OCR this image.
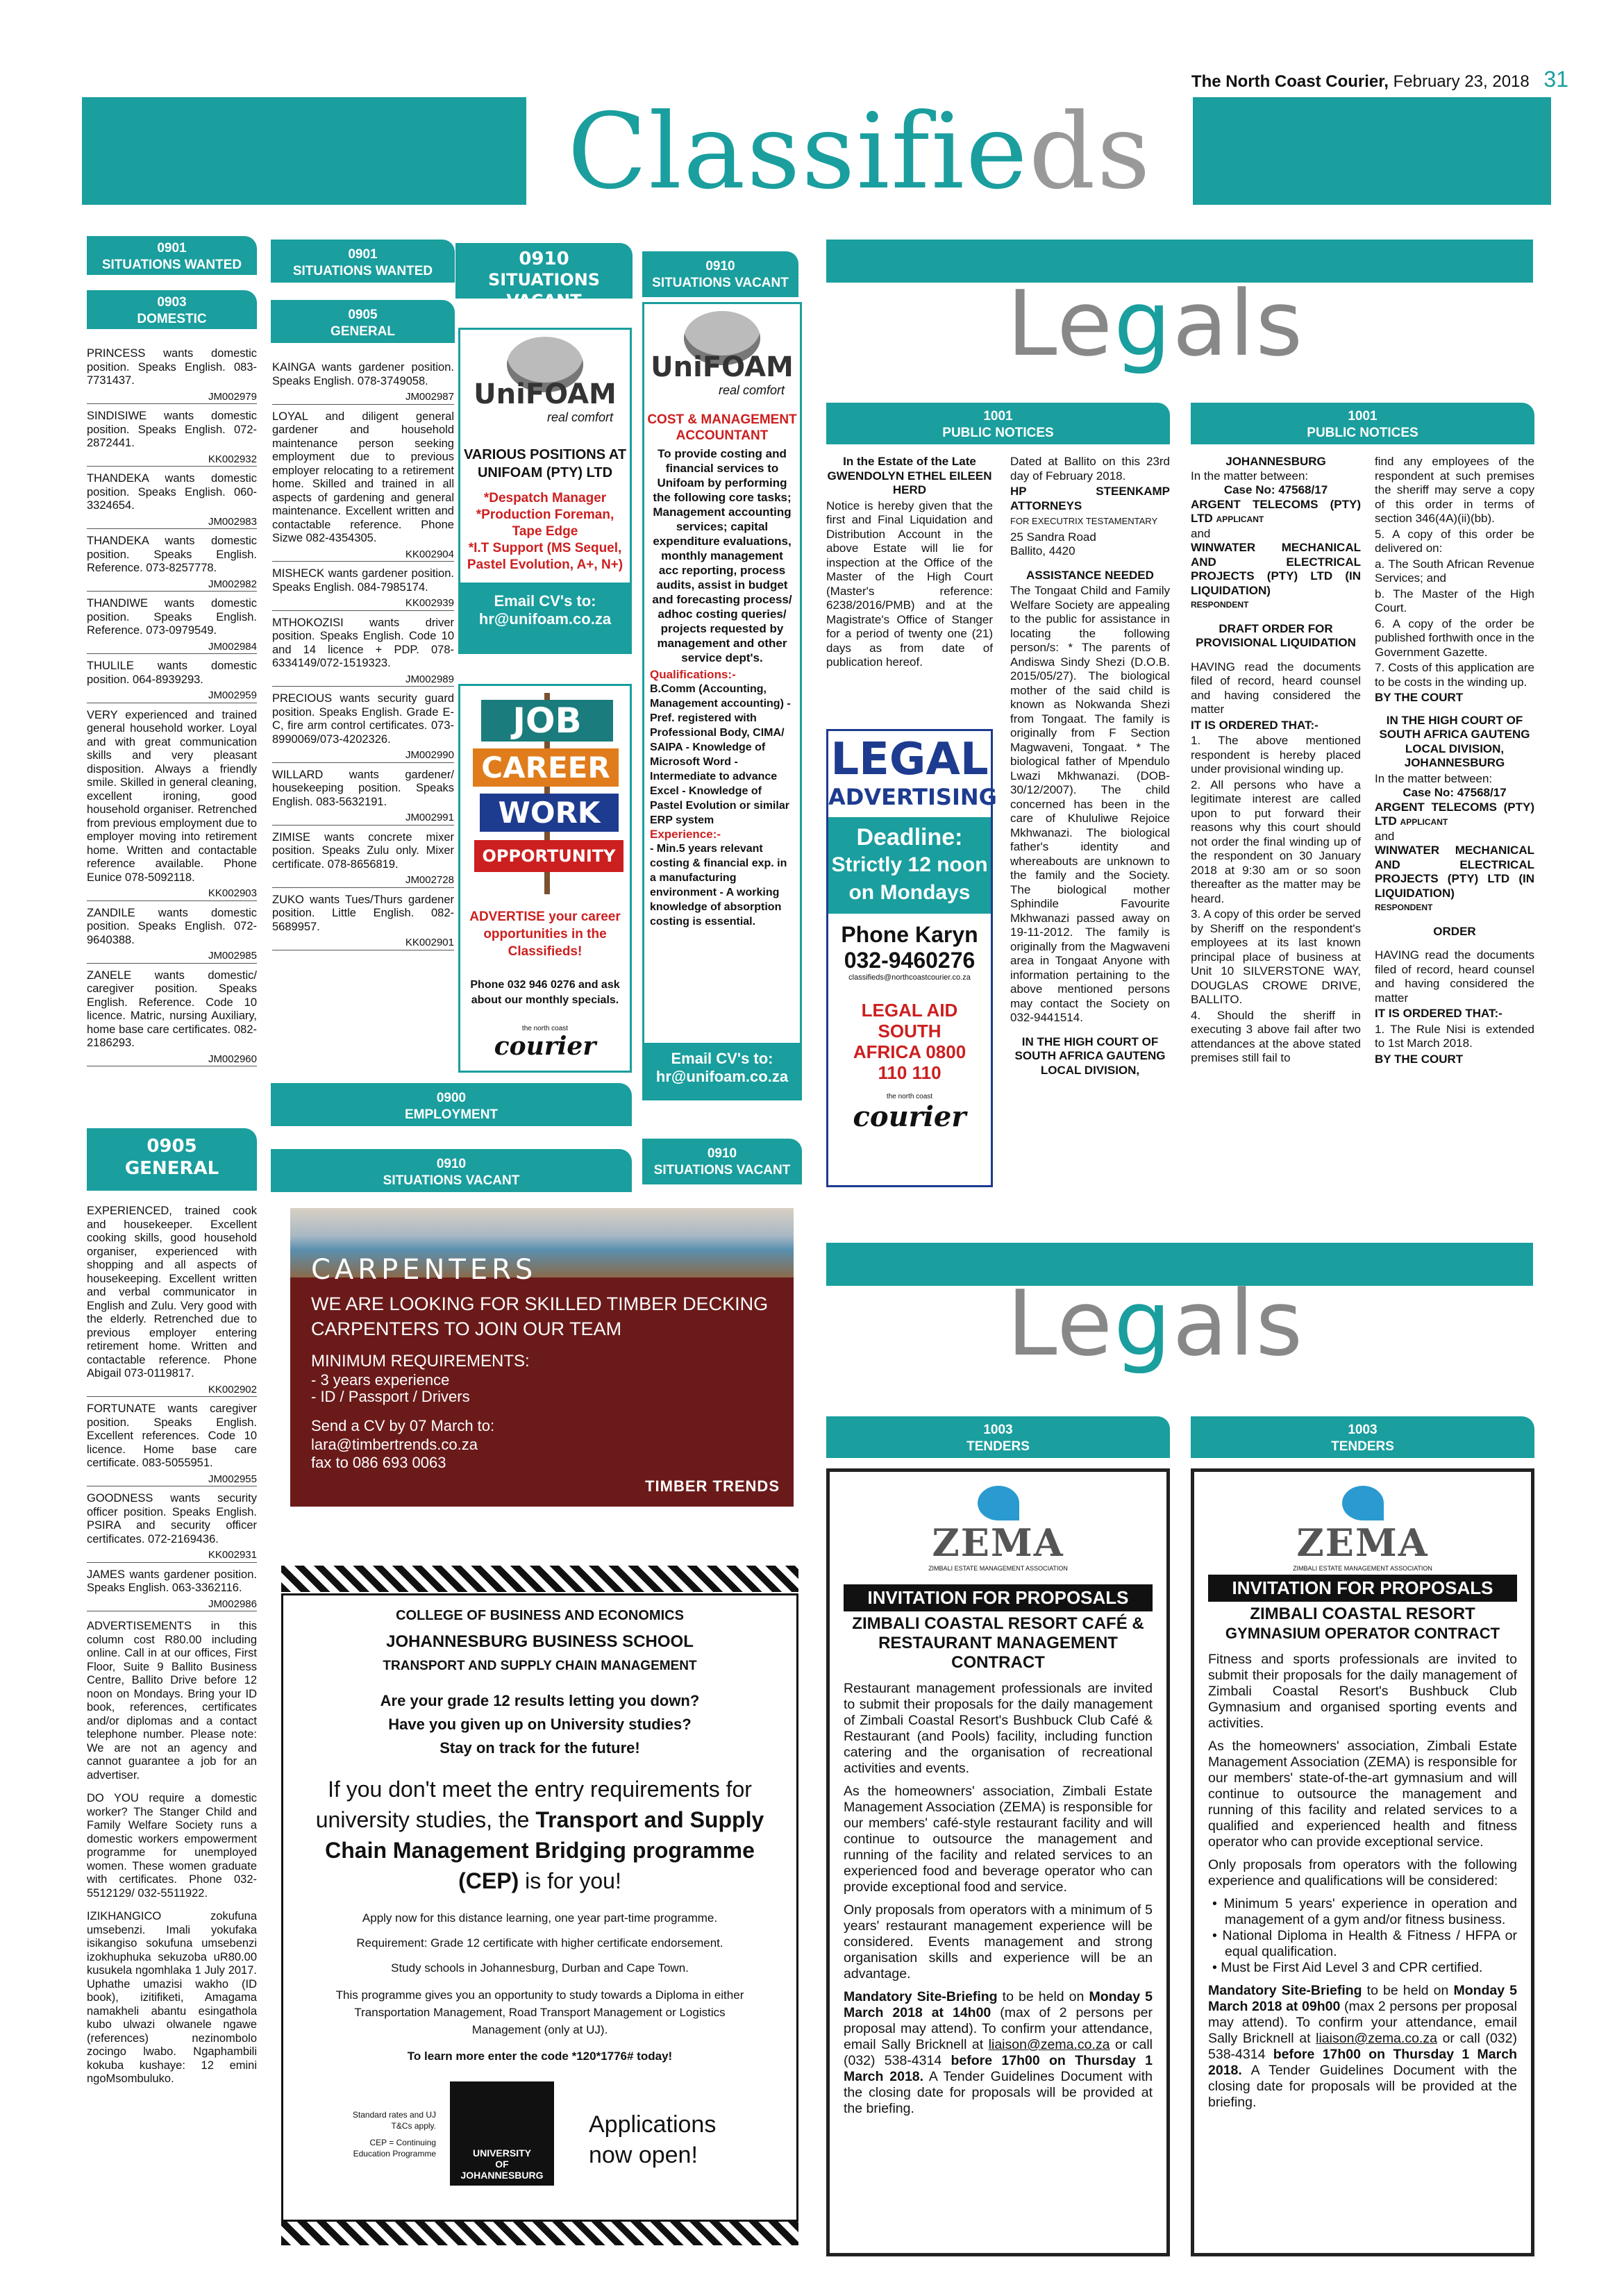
The North Coast Courier, February 23, 2018 31
Classifieds
0901
SITUATIONS WANTED
0903
DOMESTIC

PRINCESS wants domestic position. Speaks English. 083-7731437.

JM002979

SINDISIWE wants domestic position. Speaks English. 072-2872441.

KK002932

THANDEKA wants domestic position. Speaks English. 060-3324654.

JM002983

THANDEKA wants domestic position. Speaks English. Reference. 073-8257778.

JM002982

THANDIWE wants domestic position. Speaks English. Reference. 073-0979549.

JM002984

THULILE wants domestic position. 064-8939293.

JM002959

VERY experienced and trained general household worker. Loyal and with great communication skills and very pleasant disposition. Always a friendly smile. Skilled in general cleaning, excellent ironing, good household organiser. Retrenched from previous employment due to employer moving into retirement home. Written and contactable reference available. Phone Eunice 078-5092118.

KK002903

ZANDILE wants domestic position. Speaks English. 072-9640388.

JM002985

ZANELE wants domestic/ caregiver position. Speaks English. Reference. Code 10 licence. Matric, nursing Auxiliary, home base care certificates. 082-2186293.

JM002960
0905
GENERAL

EXPERIENCED, trained cook and housekeeper. Excellent cooking skills, good household organiser, experienced with shopping and all aspects of housekeeping. Excellent written and verbal communicator in English and Zulu. Very good with the elderly. Retrenched due to previous employer entering retirement home. Written and contactable reference. Phone Abigail 073-0119817.

KK002902

FORTUNATE wants caregiver position. Speaks English. Excellent references. Code 10 licence. Home base care certificate. 083-5055951.

JM002955

GOODNESS wants security officer position. Speaks English. PSIRA and security officer certificates. 072-2169436.

KK002931

JAMES wants gardener position. Speaks English. 063-3362116.

JM002986

ADVERTISEMENTS in this column cost R80.00 including online. Call in at our offices, First Floor, Suite 9 Ballito Business Centre, Ballito Drive before 12 noon on Mondays. Bring your ID book, references, certificates and/or diplomas and a contact telephone number. Please note: We are not an agency and cannot guarantee a job for an advertiser.

DO YOU require a domestic worker? The Stanger Child and Family Welfare Society runs a domestic workers empowerment programme for unemployed women. These women graduate with certificates. Phone 032-5512129/ 032-5511922.

IZIKHANGICO zokufuna umsebenzi. Imali yokufaka isikangiso sokufuna umsebenzi izokhuphuka sekuzoba uR80.00 kusukela ngomhlaka 1 July 2017. Uphathe umazisi wakho (ID book), izitifiketi, Amagama namakheli abantu esingathola kubo ulwazi olwanele ngawe (references) nezinombolo zocingo lwabo. Ngaphambili kokuba kushaye: 12 emini ngoMsombuluko.

0901
SITUATIONS WANTED
0905
GENERAL

KAINGA wants gardener position. Speaks English. 078-3749058.

JM002987

LOYAL and diligent general gardener and household maintenance person seeking employment due to previous employer relocating to a retirement home. Skilled and trained in all aspects of gardening and general maintenance. Excellent written and contactable reference. Phone Sizwe 082-4354305.

KK002904

MISHECK wants gardener position. Speaks English. 084-7985174.

KK002939

MTHOKOZISI wants driver position. Speaks English. Code 10 and 14 licence + PDP. 078-6334149/072-1519323.

JM002989

PRECIOUS wants security guard position. Speaks English. Grade E-C, fire arm control certificates. 073-8990069/073-4202326.

JM002990

WILLARD wants gardener/ housekeeping position. Speaks English. 083-5632191.

JM002991

ZIMISE wants concrete mixer position. Speaks Zulu only. Mixer certificate. 078-8656819.

JM002728

ZUKO wants Tues/Thurs gardener position. Little English. 082-5689957.

KK002901
0910
SITUATIONS VACANT
UniFOAM
real comfort
VARIOUS POSITIONS AT UNIFOAM (PTY) LTD
*Despatch Manager
*Production Foreman, Tape Edge
*I.T Support (MS Sequel, Pastel Evolution, A+, N+)
Email CV's to: hr@unifoam.co.za
JOB
CAREER
WORK
OPPORTUNITY
ADVERTISE your career opportunities in the Classifieds!
Phone 032 946 0276 and ask about our monthly specials.
the north coast
courier
0910
SITUATIONS VACANT
UniFOAM
real comfort
COST & MANAGEMENT ACCOUNTANT
To provide costing and financial services to Unifoam by performing the following core tasks; Management accounting services; capital expenditure evaluations, monthly management acc reporting, process audits, assist in budget and forecasting process/ adhoc costing queries/ projects requested by management and other service dept's.
Qualifications:-
B.Comm (Accounting, Management accounting) - Pref. registered with Professional Body, CIMA/ SAIPA - Knowledge of Microsoft Word -Intermediate to advance Excel - Knowledge of Pastel Evolution or similar ERP system
Experience:-
- Min.5 years relevant costing & financial exp. in a manufacturing environment - A working knowledge of absorption costing is essential.
Email CV's to: hr@unifoam.co.za
0900
EMPLOYMENT
0910
SITUATIONS VACANT
0910
SITUATIONS VACANT
CARPENTERS
WE ARE LOOKING FOR SKILLED TIMBER DECKING CARPENTERS TO JOIN OUR TEAM
MINIMUM REQUIREMENTS:
- 3 years experience
- ID / Passport / Drivers
Send a CV by 07 March to:
lara@timbertrends.co.za
fax to 086 693 0063
TIMBER TRENDS
COLLEGE OF BUSINESS AND ECONOMICS
JOHANNESBURG BUSINESS SCHOOL
TRANSPORT AND SUPPLY CHAIN MANAGEMENT
Are your grade 12 results letting you down?
Have you given up on University studies?
Stay on track for the future!
If you don't meet the entry requirements for university studies, the Transport and Supply Chain Management Bridging programme (CEP) is for you!
Apply now for this distance learning, one year part-time programme.
Requirement: Grade 12 certificate with higher certificate endorsement.
Study schools in Johannesburg, Durban and Cape Town.
This programme gives you an opportunity to study towards a Diploma in either Transportation Management, Road Transport Management or Logistics Management (only at UJ).
To learn more enter the code *120*1776# today!
Standard rates and UJ T&Cs apply.
CEP = Continuing Education Programme	UNIVERSITY
OF
JOHANNESBURG
Applications now open!
Legals
1001
PUBLIC NOTICES
1001
PUBLIC NOTICES

In the Estate of the Late GWENDOLYN ETHEL EILEEN HERD

Notice is hereby given that the first and Final Liquidation and Distribution Account in the above Estate will lie for inspection at the Office of the Master of the High Court (Master's reference: 6238/2016/PMB) and at the Magistrate's Office of Stanger for a period of twenty one (21) days as from date of publication hereof.

LEGAL
ADVERTISING
Deadline:
Strictly 12 noon on Mondays
Phone Karyn
032-9460276
classifieds@northcoastcourier.co.za
LEGAL AID SOUTH AFRICA 0800 110 110
the north coast
courier

Dated at Ballito on this 23rd day of February 2018.

HP STEENKAMP ATTORNEYS

FOR EXECUTRIX TESTAMENTARY

25 Sandra Road

Ballito, 4420

ASSISTANCE NEEDED

The Tongaat Child and Family Welfare Society are appealing to the public for assistance in locating the following person/s: * The parents of Andiswa Sindy Shezi (D.O.B. 2015/05/27). The biological mother of the said child is known as Nokwanda Shezi from Tongaat. The family is originally from F Section Magwaveni, Tongaat. * The biological father of Mpendulo Lwazi Mkhwanazi. (DOB-30/12/2007). The child concerned has been in the care of Khululiwe Rejoice Mkhwanazi. The biological father's identity and whereabouts are unknown to the family and the Society. The biological mother Sphindile Favourite Mkhwanazi passed away on 19-11-2012. The family is originally from the Magwaveni area in Tongaat Anyone with information pertaining to the above mentioned persons may contact the Society on 032-9441514.

IN THE HIGH COURT OF SOUTH AFRICA GAUTENG LOCAL DIVISION,

JOHANNESBURG

In the matter between:

Case No: 47568/17

ARGENT TELECOMS (PTY) LTD APPLICANT

and

WINWATER MECHANICAL AND ELECTRICAL PROJECTS (PTY) LTD (IN LIQUIDATION)

RESPONDENT

DRAFT ORDER FOR PROVISIONAL LIQUIDATION

HAVING read the documents filed of record, heard counsel and having considered the matter

IT IS ORDERED THAT:-

1. The above mentioned respondent is hereby placed under provisional winding up.

2. All persons who have a legitimate interest are called upon to put forward their reasons why this court should not order the final winding up of the respondent on 30 January 2018 at 9:30 am or so soon thereafter as the matter may be heard.

3. A copy of this order be served by Sheriff on the respondent's employees at its last known principal place of business at Unit 10 SILVERSTONE WAY, DOUGLAS CROWE DRIVE, BALLITO.

4. Should the sheriff in executing 3 above fail after two attendances at the above stated premises still fail to

find any employees of the respondent at such premises the sheriff may serve a copy of this order in terms of section 346(4A)(ii)(bb).

5. A copy of this order be delivered on:

a. The South African Revenue Services; and

b. The Master of the High Court.

6. A copy of the order be published forthwith once in the Government Gazette.

7. Costs of this application are to be costs in the winding up.

BY THE COURT

IN THE HIGH COURT OF SOUTH AFRICA GAUTENG LOCAL DIVISION, JOHANNESBURG

In the matter between:

Case No: 47568/17

ARGENT TELECOMS (PTY) LTD APPLICANT

and

WINWATER MECHANICAL AND ELECTRICAL PROJECTS (PTY) LTD (IN LIQUIDATION)

RESPONDENT

ORDER

HAVING read the documents filed of record, heard counsel and having considered the matter

IT IS ORDERED THAT:-

1. The Rule Nisi is extended to 1st March 2018.

BY THE COURT

Legals
1003
TENDERS
1003
TENDERS
ZEMA
ZIMBALI ESTATE MANAGEMENT ASSOCIATION
INVITATION FOR PROPOSALS
ZIMBALI COASTAL RESORT CAFÉ & RESTAURANT MANAGEMENT CONTRACT

Restaurant management professionals are invited to submit their proposals for the daily management of Zimbali Coastal Resort's Bushbuck Club Café & Restaurant (and Pools) facility, including function catering and the organisation of recreational activities and events.

As the homeowners' association, Zimbali Estate Management Association (ZEMA) is responsible for our members' café-style restaurant facility and will continue to outsource the management and running of the facility and related services to an experienced food and beverage operator who can provide exceptional food and service.

Only proposals from operators with a minimum of 5 years' restaurant management experience will be considered. Events management and strong organisation skills and experience will be an advantage.

Mandatory Site-Briefing to be held on Monday 5 March 2018 at 14h00 (max of 2 persons per proposal may attend). To confirm your attendance, email Sally Bricknell at liaison@zema.co.za or call (032) 538-4314 before 17h00 on Thursday 1 March 2018. A Tender Guidelines Document with the closing date for proposals will be provided at the briefing.

ZEMA
ZIMBALI ESTATE MANAGEMENT ASSOCIATION
INVITATION FOR PROPOSALS
ZIMBALI COASTAL RESORT
GYMNASIUM OPERATOR CONTRACT

Fitness and sports professionals are invited to submit their proposals for the daily management of Zimbali Coastal Resort's Bushbuck Club Gymnasium and organised sporting events and activities.

As the homeowners' association, Zimbali Estate Management Association (ZEMA) is responsible for our members' state-of-the-art gymnasium and will continue to outsource the management and running of this facility and related services to a qualified and experienced health and fitness operator who can provide exceptional service.

Only proposals from operators with the following experience and qualifications will be considered:

• Minimum 5 years' experience in operation and management of a gym and/or fitness business.

• National Diploma in Health & Fitness / HFPA or equal qualification.

• Must be First Aid Level 3 and CPR certified.

Mandatory Site-Briefing to be held on Monday 5 March 2018 at 09h00 (max 2 persons per proposal may attend). To confirm your attendance, email Sally Bricknell at liaison@zema.co.za or call (032) 538-4314 before 17h00 on Thursday 1 March 2018. A Tender Guidelines Document with the closing date for proposals will be provided at the briefing.
